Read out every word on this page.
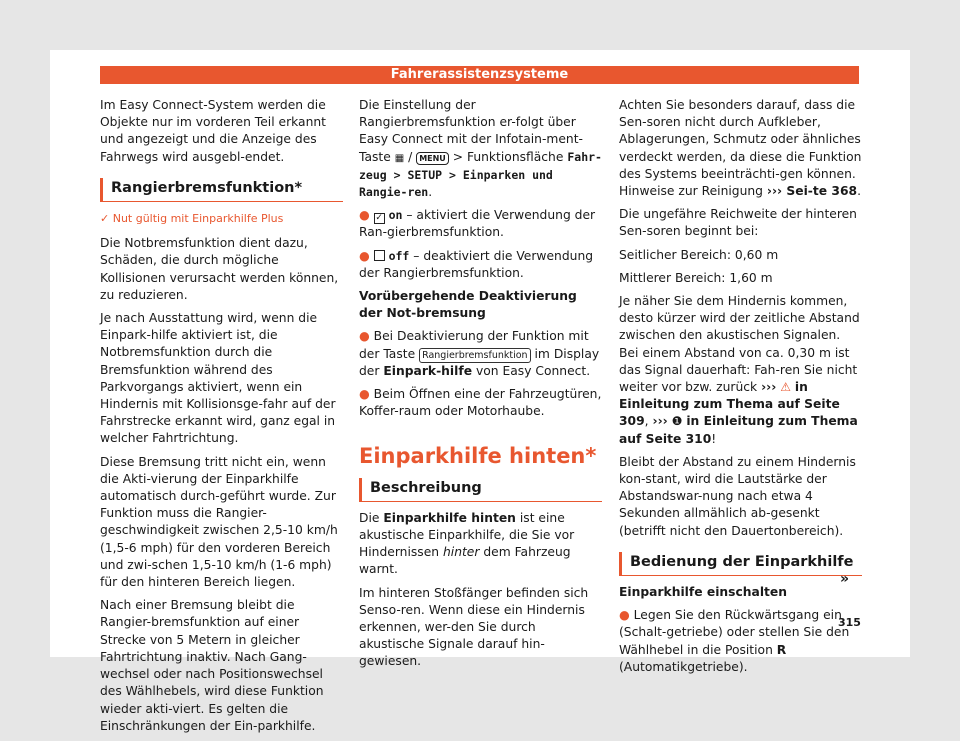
Fahrerassistenzsysteme

Im Easy Connect-System werden die Objekte nur im vorderen Teil erkannt und angezeigt und die Anzeige des Fahrwegs wird ausgebl-endet.

Rangierbremsfunktion*
✓ Nut gültig mit Einparkhilfe Plus

Die Notbremsfunktion dient dazu, Schäden, die durch mögliche Kollisionen verursacht werden können, zu reduzieren.

Je nach Ausstattung wird, wenn die Einpark-hilfe aktiviert ist, die Notbremsfunktion durch die Bremsfunktion während des Parkvorgangs aktiviert, wenn ein Hindernis mit Kollisionsge-fahr auf der Fahrstrecke erkannt wird, ganz egal in welcher Fahrtrichtung.

Diese Bremsung tritt nicht ein, wenn die Akti-vierung der Einparkhilfe automatisch durch-geführt wurde. Zur Funktion muss die Rangier-geschwindigkeit zwischen 2,5-10 km/h (1,5-6 mph) für den vorderen Bereich und zwi-schen 1,5-10 km/h (1-6 mph) für den hinteren Bereich liegen.

Nach einer Bremsung bleibt die Rangier-bremsfunktion auf einer Strecke von 5 Metern in gleicher Fahrtrichtung inaktiv. Nach Gang-wechsel oder nach Positionswechsel des Wählhebels, wird diese Funktion wieder akti-viert. Es gelten die Einschränkungen der Ein-parkhilfe.

Die Einstellung der Rangierbremsfunktion er-folgt über Easy Connect mit der Infotain-ment-Taste ▦ / MENU > Funktionsfläche Fahr-zeug > SETUP > Einparken und Rangie-ren.

● ✓ on – aktiviert die Verwendung der Ran-gierbremsfunktion.

● off – deaktiviert die Verwendung der Rangierbremsfunktion.

Vorübergehende Deaktivierung der Not-bremsung

● Bei Deaktivierung der Funktion mit der Taste Rangierbremsfunktion im Display der Einpark-hilfe von Easy Connect.

● Beim Öffnen eine der Fahrzeugtüren, Koffer-raum oder Motorhaube.

Einparkhilfe hinten*
Beschreibung

Die Einparkhilfe hinten ist eine akustische Einparkhilfe, die Sie vor Hindernissen hinter dem Fahrzeug warnt.

Im hinteren Stoßfänger befinden sich Senso-ren. Wenn diese ein Hindernis erkennen, wer-den Sie durch akustische Signale darauf hin-gewiesen.

Achten Sie besonders darauf, dass die Sen-soren nicht durch Aufkleber, Ablagerungen, Schmutz oder ähnliches verdeckt werden, da diese die Funktion des Systems beeinträchti-gen können. Hinweise zur Reinigung ››› Sei-te 368.

Die ungefähre Reichweite der hinteren Sen-soren beginnt bei:

Seitlicher Bereich: 0,60 m

Mittlerer Bereich: 1,60 m

Je näher Sie dem Hindernis kommen, desto kürzer wird der zeitliche Abstand zwischen den akustischen Signalen. Bei einem Abstand von ca. 0,30 m ist das Signal dauerhaft: Fah-ren Sie nicht weiter vor bzw. zurück ››› ⚠ in Einleitung zum Thema auf Seite 309, ››› ❶ in Einleitung zum Thema auf Seite 310!

Bleibt der Abstand zu einem Hindernis kon-stant, wird die Lautstärke der Abstandswar-nung nach etwa 4 Sekunden allmählich ab-gesenkt (betrifft nicht den Dauertonbereich).

Bedienung der Einparkhilfe

Einparkhilfe einschalten

● Legen Sie den Rückwärtsgang ein (Schalt-getriebe) oder stellen Sie den Wählhebel in die Position R (Automatikgetriebe).

»
315
